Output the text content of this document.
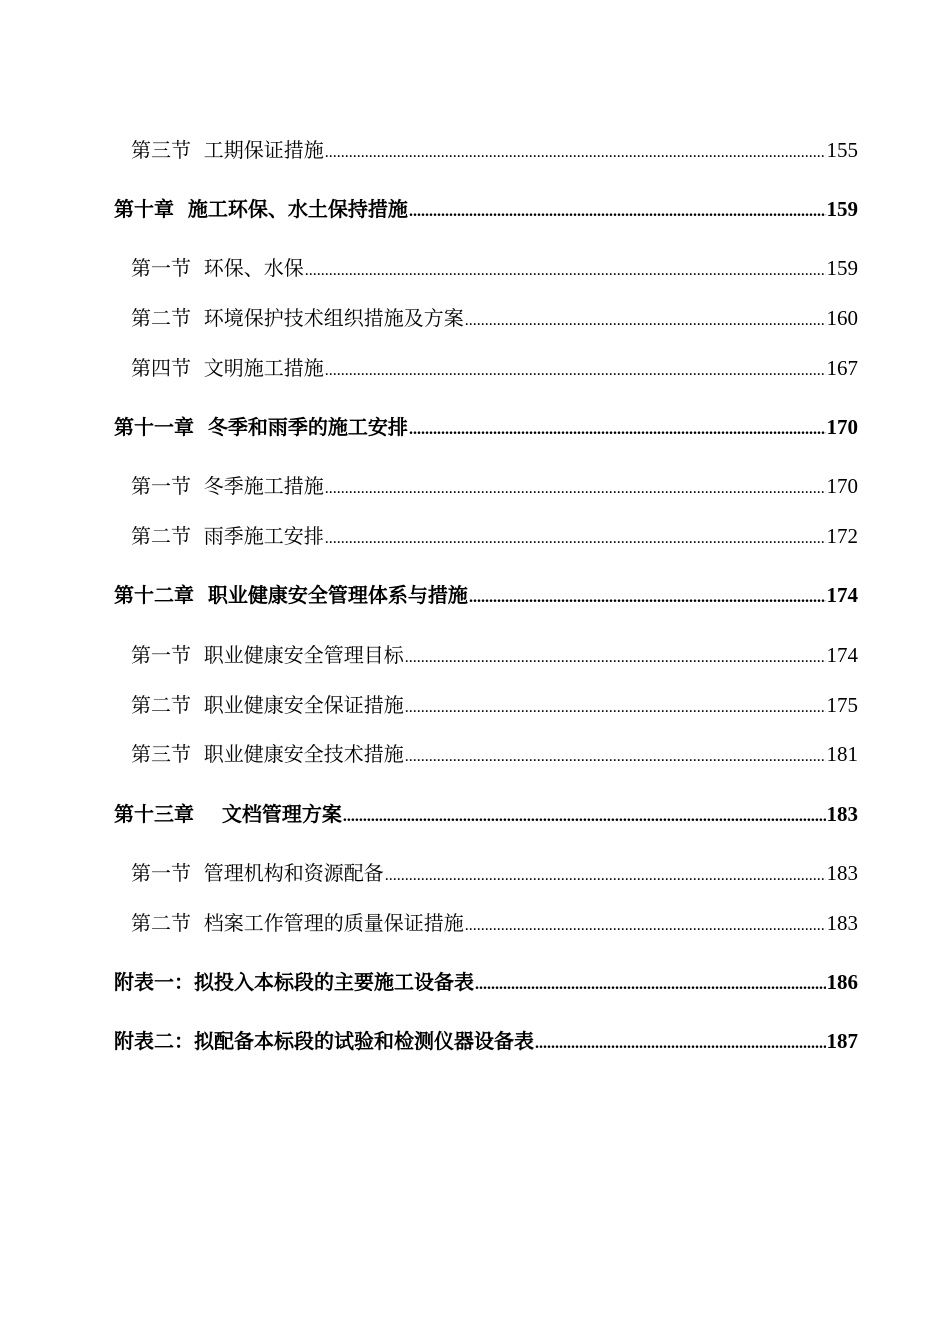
第三节  工期保证措施 .....	155
第十章  施工环保、水土保持措施 .....	159
第一节  环保、水保 .....	159
第二节  环境保护技术组织措施及方案 .....	160
第四节  文明施工措施 .....	167
第十一章  冬季和雨季的施工安排 .....	170
第一节  冬季施工措施 .....	170
第二节  雨季施工安排 .....	172
第十二章  职业健康安全管理体系与措施 .....	174
第一节  职业健康安全管理目标 .....	174
第二节  职业健康安全保证措施 .....	175
第三节  职业健康安全技术措施 .....	181
第十三章    文档管理方案 .....	183
第一节  管理机构和资源配备 .....	183
第二节  档案工作管理的质量保证措施 .....	183
附表一：拟投入本标段的主要施工设备表 .....	186
附表二：拟配备本标段的试验和检测仪器设备表 .....	187
